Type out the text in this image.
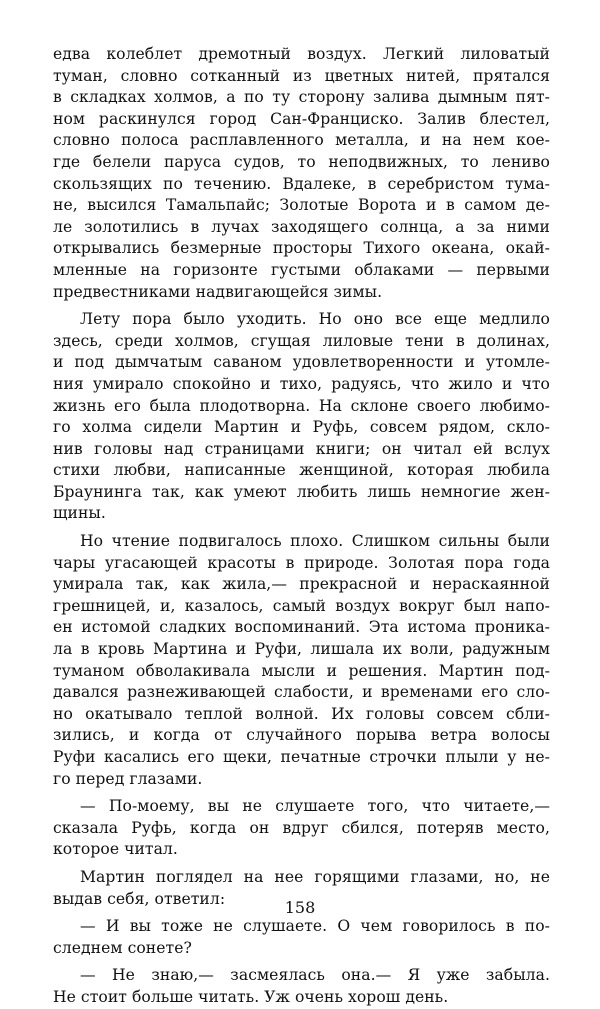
едва колеблет дремотный воздух. Легкий лиловатый
туман, словно сотканный из цветных нитей, прятался
в складках холмов, а по ту сторону залива дымным пят-
ном раскинулся город Сан-Франциско. Залив блестел,
словно полоса расплавленного металла, и на нем кое-
где белели паруса судов, то неподвижных, то лениво
скользящих по течению. Вдалеке, в серебристом тума-
не, высился Тамальпайс; Золотые Ворота и в самом де-
ле золотились в лучах заходящего солнца, а за ними
открывались безмерные просторы Тихого океана, окай-
мленные на горизонте густыми облаками — первыми
предвестниками надвигающейся зимы.
Лету пора было уходить. Но оно все еще медлило
здесь, среди холмов, сгущая лиловые тени в долинах,
и под дымчатым саваном удовлетворенности и утомле-
ния умирало спокойно и тихо, радуясь, что жило и что
жизнь его была плодотворна. На склоне своего любимо-
го холма сидели Мартин и Руфь, совсем рядом, скло-
нив головы над страницами книги; он читал ей вслух
стихи любви, написанные женщиной, которая любила
Браунинга так, как умеют любить лишь немногие жен-
щины.
Но чтение подвигалось плохо. Слишком сильны были
чары угасающей красоты в природе. Золотая пора года
умирала так, как жила,— прекрасной и нераскаянной
грешницей, и, казалось, самый воздух вокруг был напо-
ен истомой сладких воспоминаний. Эта истома проника-
ла в кровь Мартина и Руфи, лишала их воли, радужным
туманом обволакивала мысли и решения. Мартин под-
давался разнеживающей слабости, и временами его сло-
но окатывало теплой волной. Их головы совсем сбли-
зились, и когда от случайного порыва ветра волосы
Руфи касались его щеки, печатные строчки плыли у не-
го перед глазами.
— По-моему, вы не слушаете того, что читаете,—
сказала Руфь, когда он вдруг сбился, потеряв место,
которое читал.
Мартин поглядел на нее горящими глазами, но, не
выдав себя, ответил:
— И вы тоже не слушаете. О чем говорилось в по-
следнем сонете?
— Не знаю,— засмеялась она.— Я уже забыла.
Не стоит больше читать. Уж очень хорош день.
158
